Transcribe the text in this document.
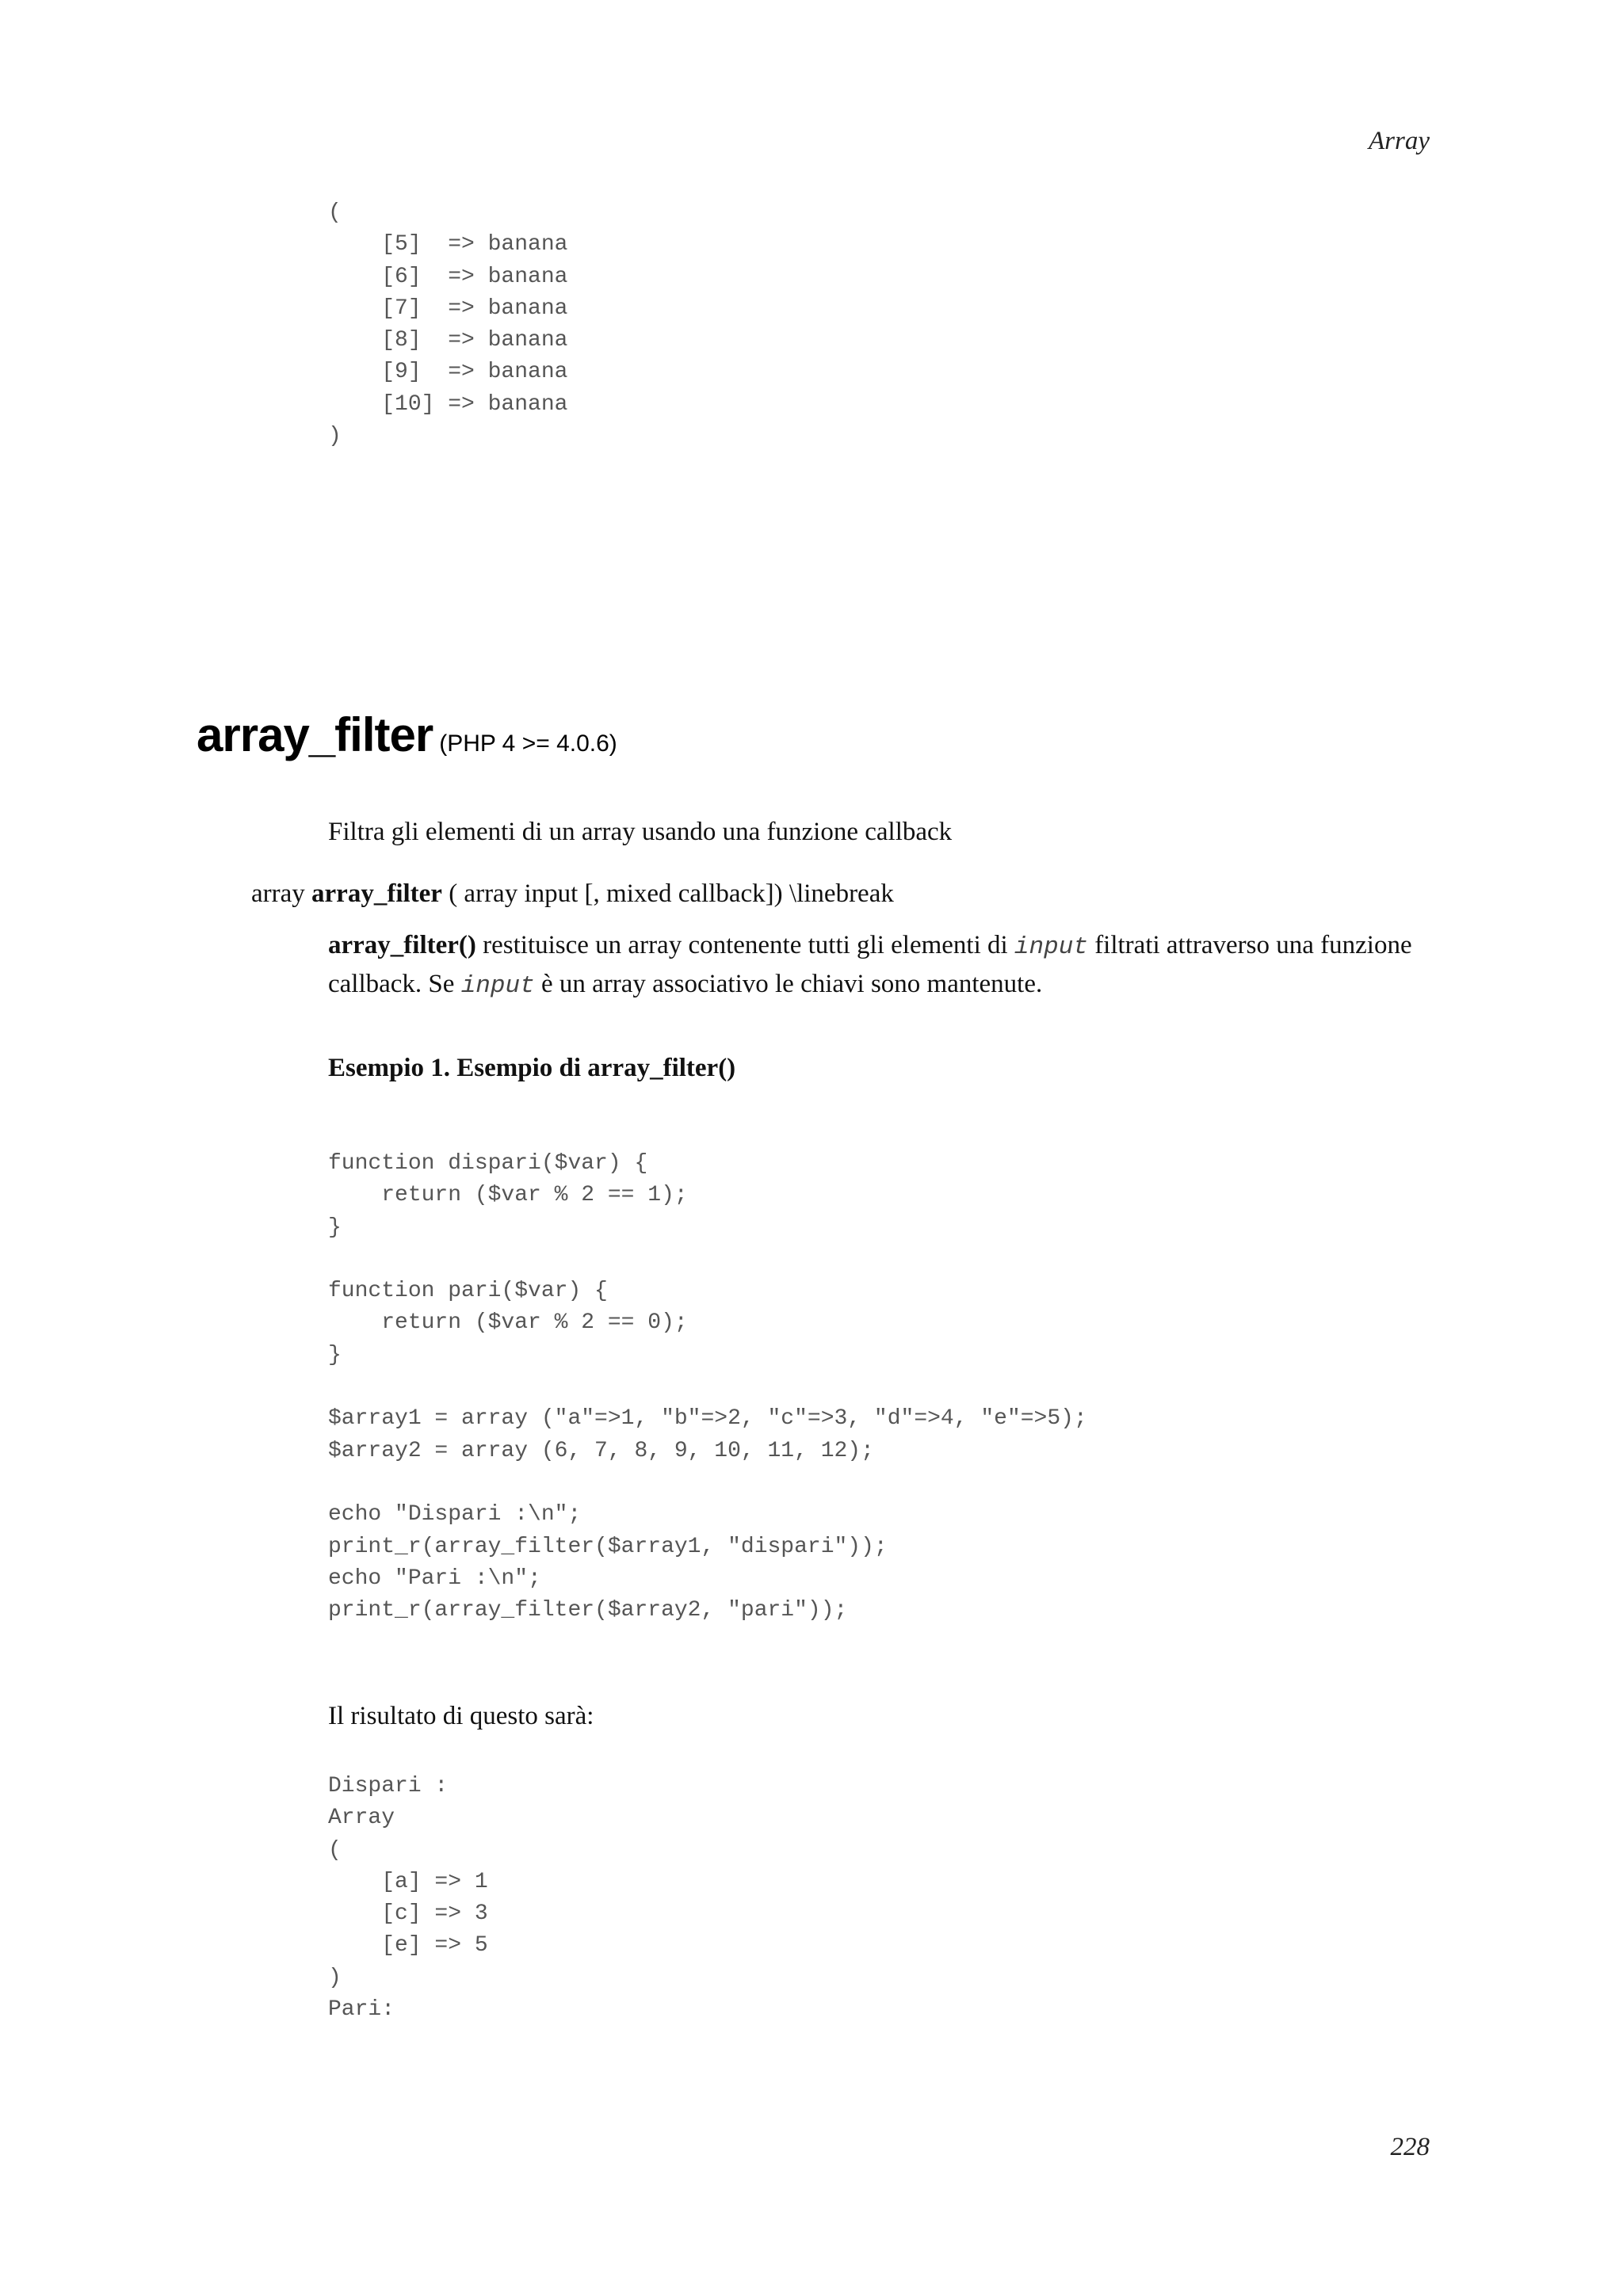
Array
(
[5]  => banana
[6]  => banana
[7]  => banana
[8]  => banana
[9]  => banana
[10] => banana
)
array_filter (PHP 4 >= 4.0.6)
Filtra gli elementi di un array usando una funzione callback
array array_filter ( array input [, mixed callback]) \linebreak
array_filter() restituisce un array contenente tutti gli elementi di input filtrati attraverso una funzione callback. Se input è un array associativo le chiavi sono mantenute.
Esempio 1. Esempio di array_filter()
function dispari($var) {
return ($var % 2 == 1);
}

function pari($var) {
return ($var % 2 == 0);
}

$array1 = array ("a"=>1, "b"=>2, "c"=>3, "d"=>4, "e"=>5);
$array2 = array (6, 7, 8, 9, 10, 11, 12);

echo "Dispari :\n";
print_r(array_filter($array1, "dispari"));
echo "Pari :\n";
print_r(array_filter($array2, "pari"));
Il risultato di questo sarà:
Dispari :
Array
(
[a] => 1
[c] => 3
[e] => 5
)
Pari:
228
